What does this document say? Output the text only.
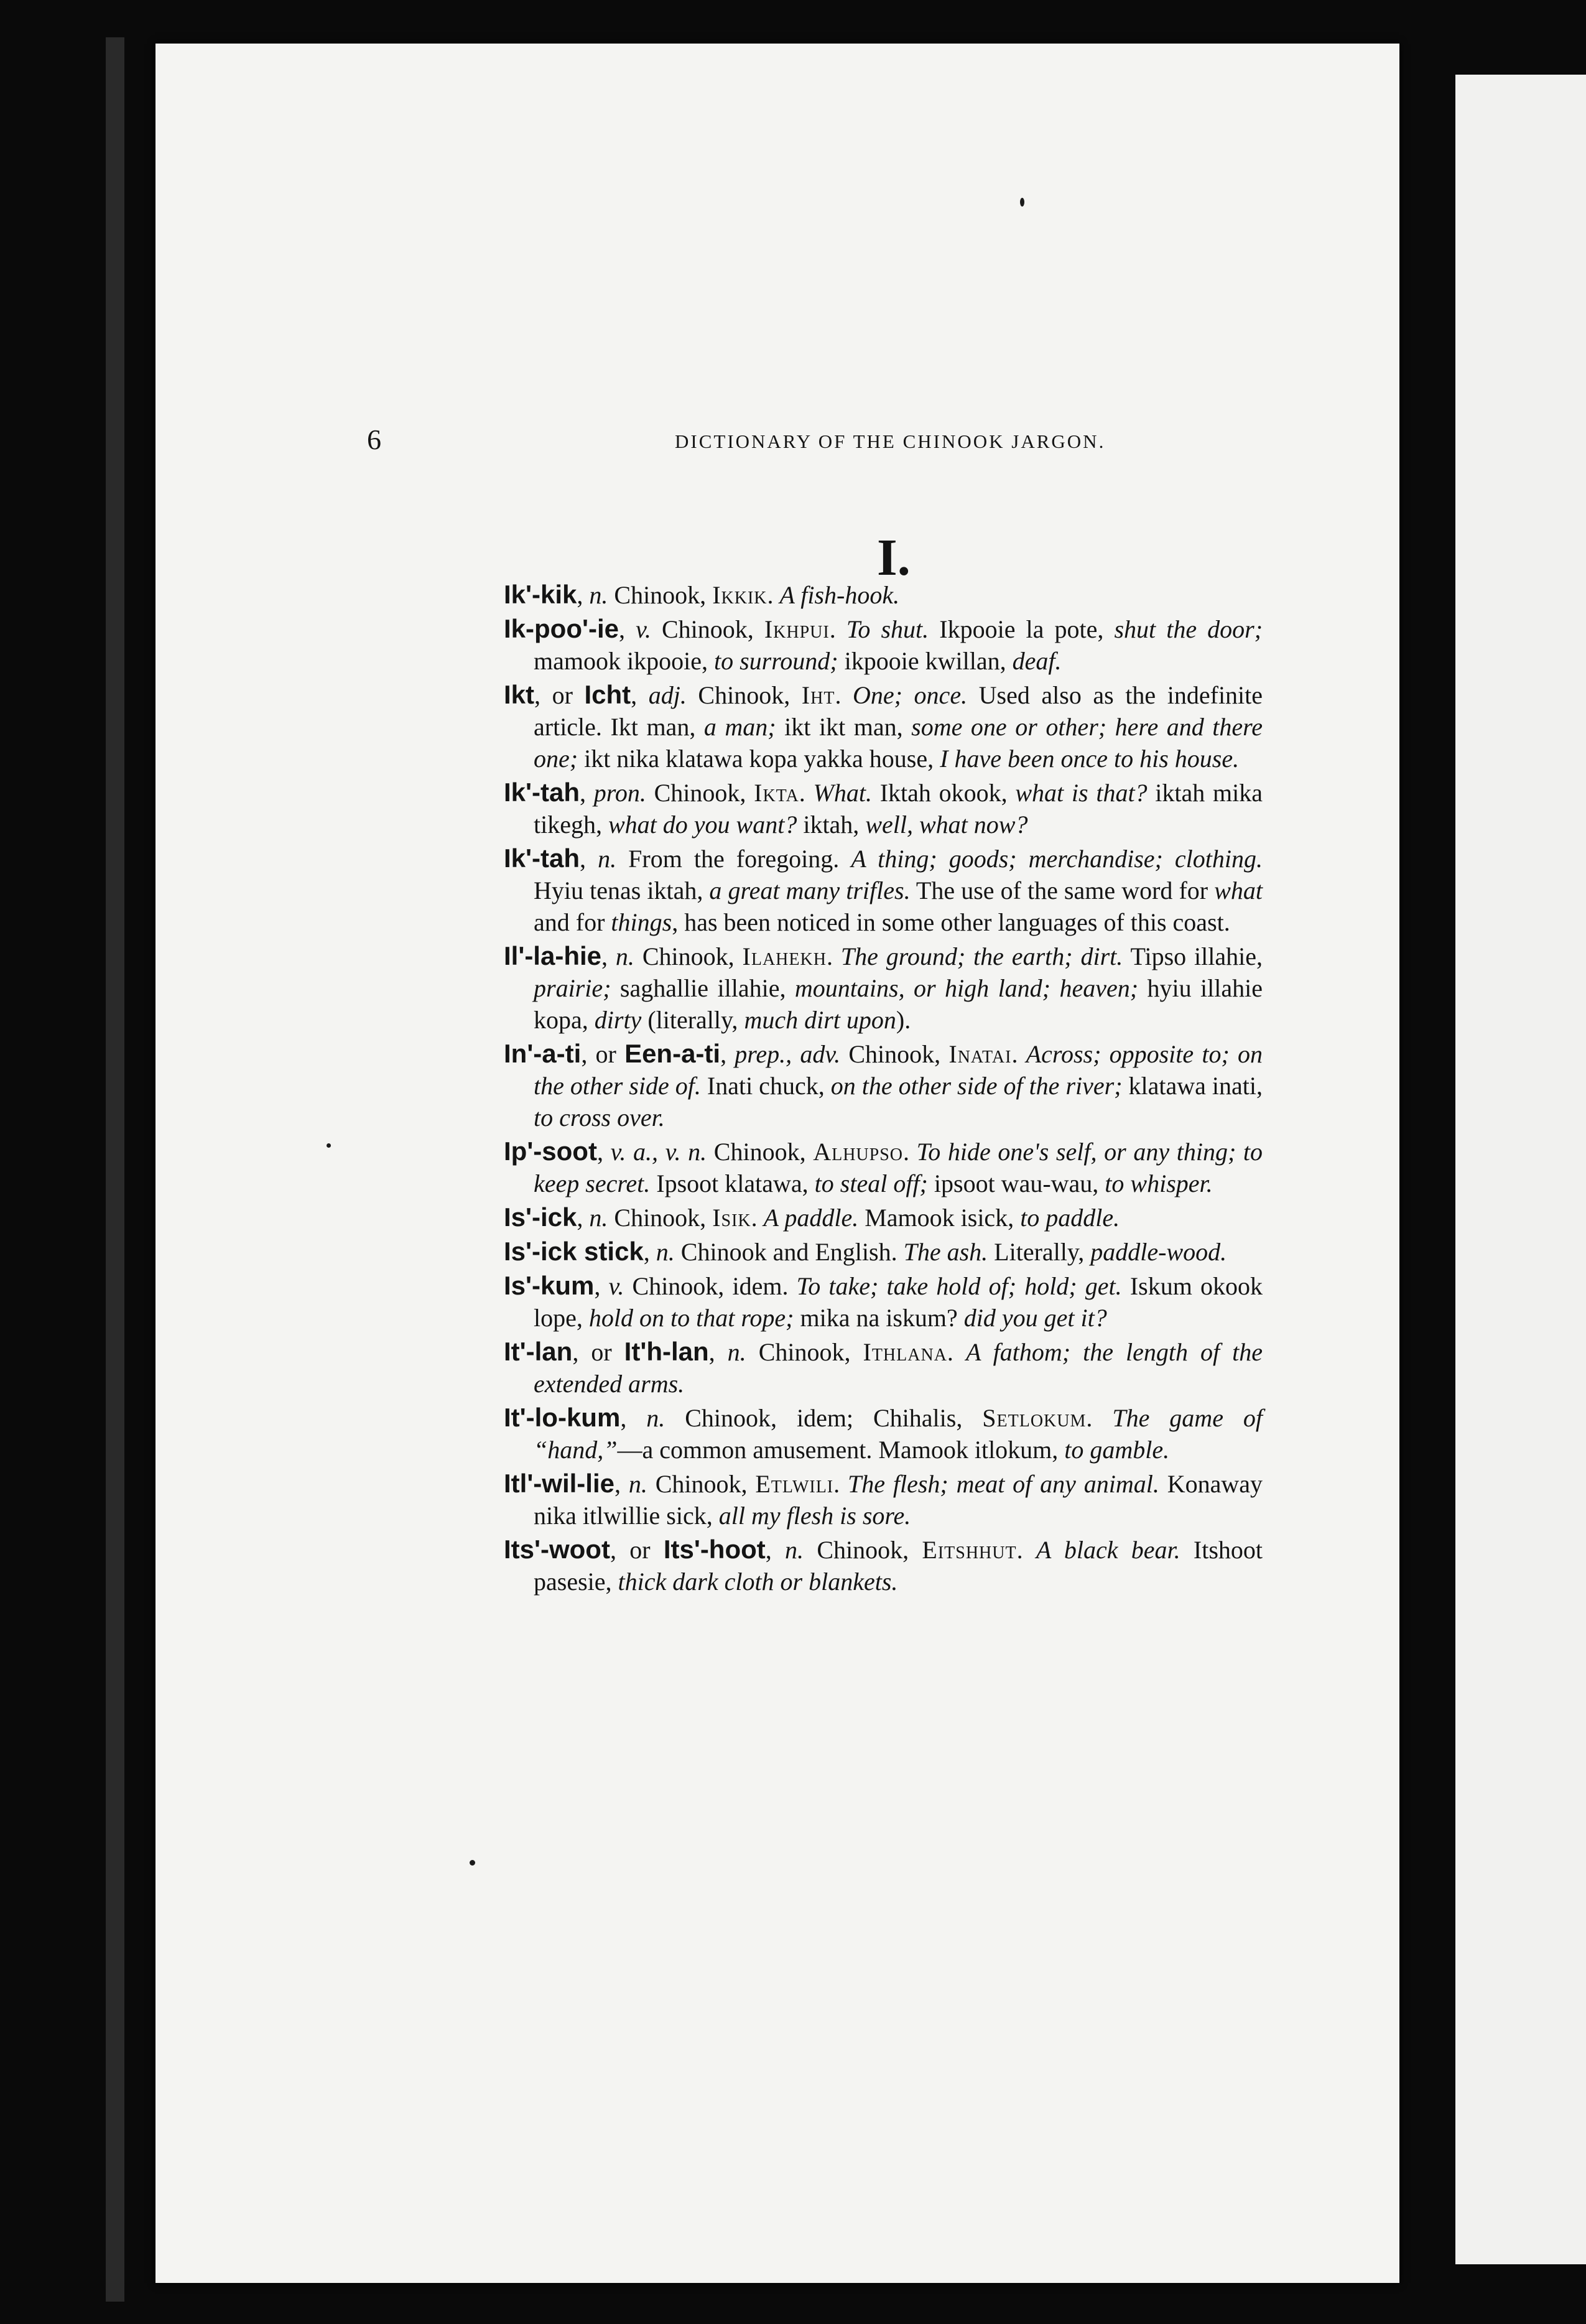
6	DICTIONARY OF THE CHINOOK JARGON.
I.

Ik'-kik, n. Chinook, Ikkik. A fish-hook.

Ik-poo'-ie, v. Chinook, Ikhpui. To shut. Ikpooie la pote, shut the door; mamook ikpooie, to surround; ikpooie kwillan, deaf.

Ikt, or Icht, adj. Chinook, Iht. One; once. Used also as the indefinite article. Ikt man, a man; ikt ikt man, some one or other; here and there one; ikt nika klatawa kopa yakka house, I have been once to his house.

Ik'-tah, pron. Chinook, Ikta. What. Iktah okook, what is that? iktah mika tikegh, what do you want? iktah, well, what now?

Ik'-tah, n. From the foregoing. A thing; goods; merchandise; clothing. Hyiu tenas iktah, a great many trifles. The use of the same word for what and for things, has been noticed in some other languages of this coast.

Il'-la-hie, n. Chinook, Ilahekh. The ground; the earth; dirt. Tipso illahie, prairie; saghallie illahie, mountains, or high land; heaven; hyiu illahie kopa, dirty (literally, much dirt upon).

In'-a-ti, or Een-a-ti, prep., adv. Chinook, Inatai. Across; opposite to; on the other side of. Inati chuck, on the other side of the river; klatawa inati, to cross over.

Ip'-soot, v. a., v. n. Chinook, Alhupso. To hide one's self, or any thing; to keep secret. Ipsoot klatawa, to steal off; ipsoot wau-wau, to whisper.

Is'-ick, n. Chinook, Isik. A paddle. Mamook isick, to paddle.

Is'-ick stick, n. Chinook and English. The ash. Literally, paddle-wood.

Is'-kum, v. Chinook, idem. To take; take hold of; hold; get. Iskum okook lope, hold on to that rope; mika na iskum? did you get it?

It'-lan, or It'h-lan, n. Chinook, Ithlana. A fathom; the length of the extended arms.

It'-lo-kum, n. Chinook, idem; Chihalis, Setlokum. The game of “hand,”—a common amusement. Mamook itlokum, to gamble.

Itl'-wil-lie, n. Chinook, Etlwili. The flesh; meat of any animal. Konaway nika itlwillie sick, all my flesh is sore.

Its'-woot, or Its'-hoot, n. Chinook, Eitshhut. A black bear. Itshoot pasesie, thick dark cloth or blankets.
